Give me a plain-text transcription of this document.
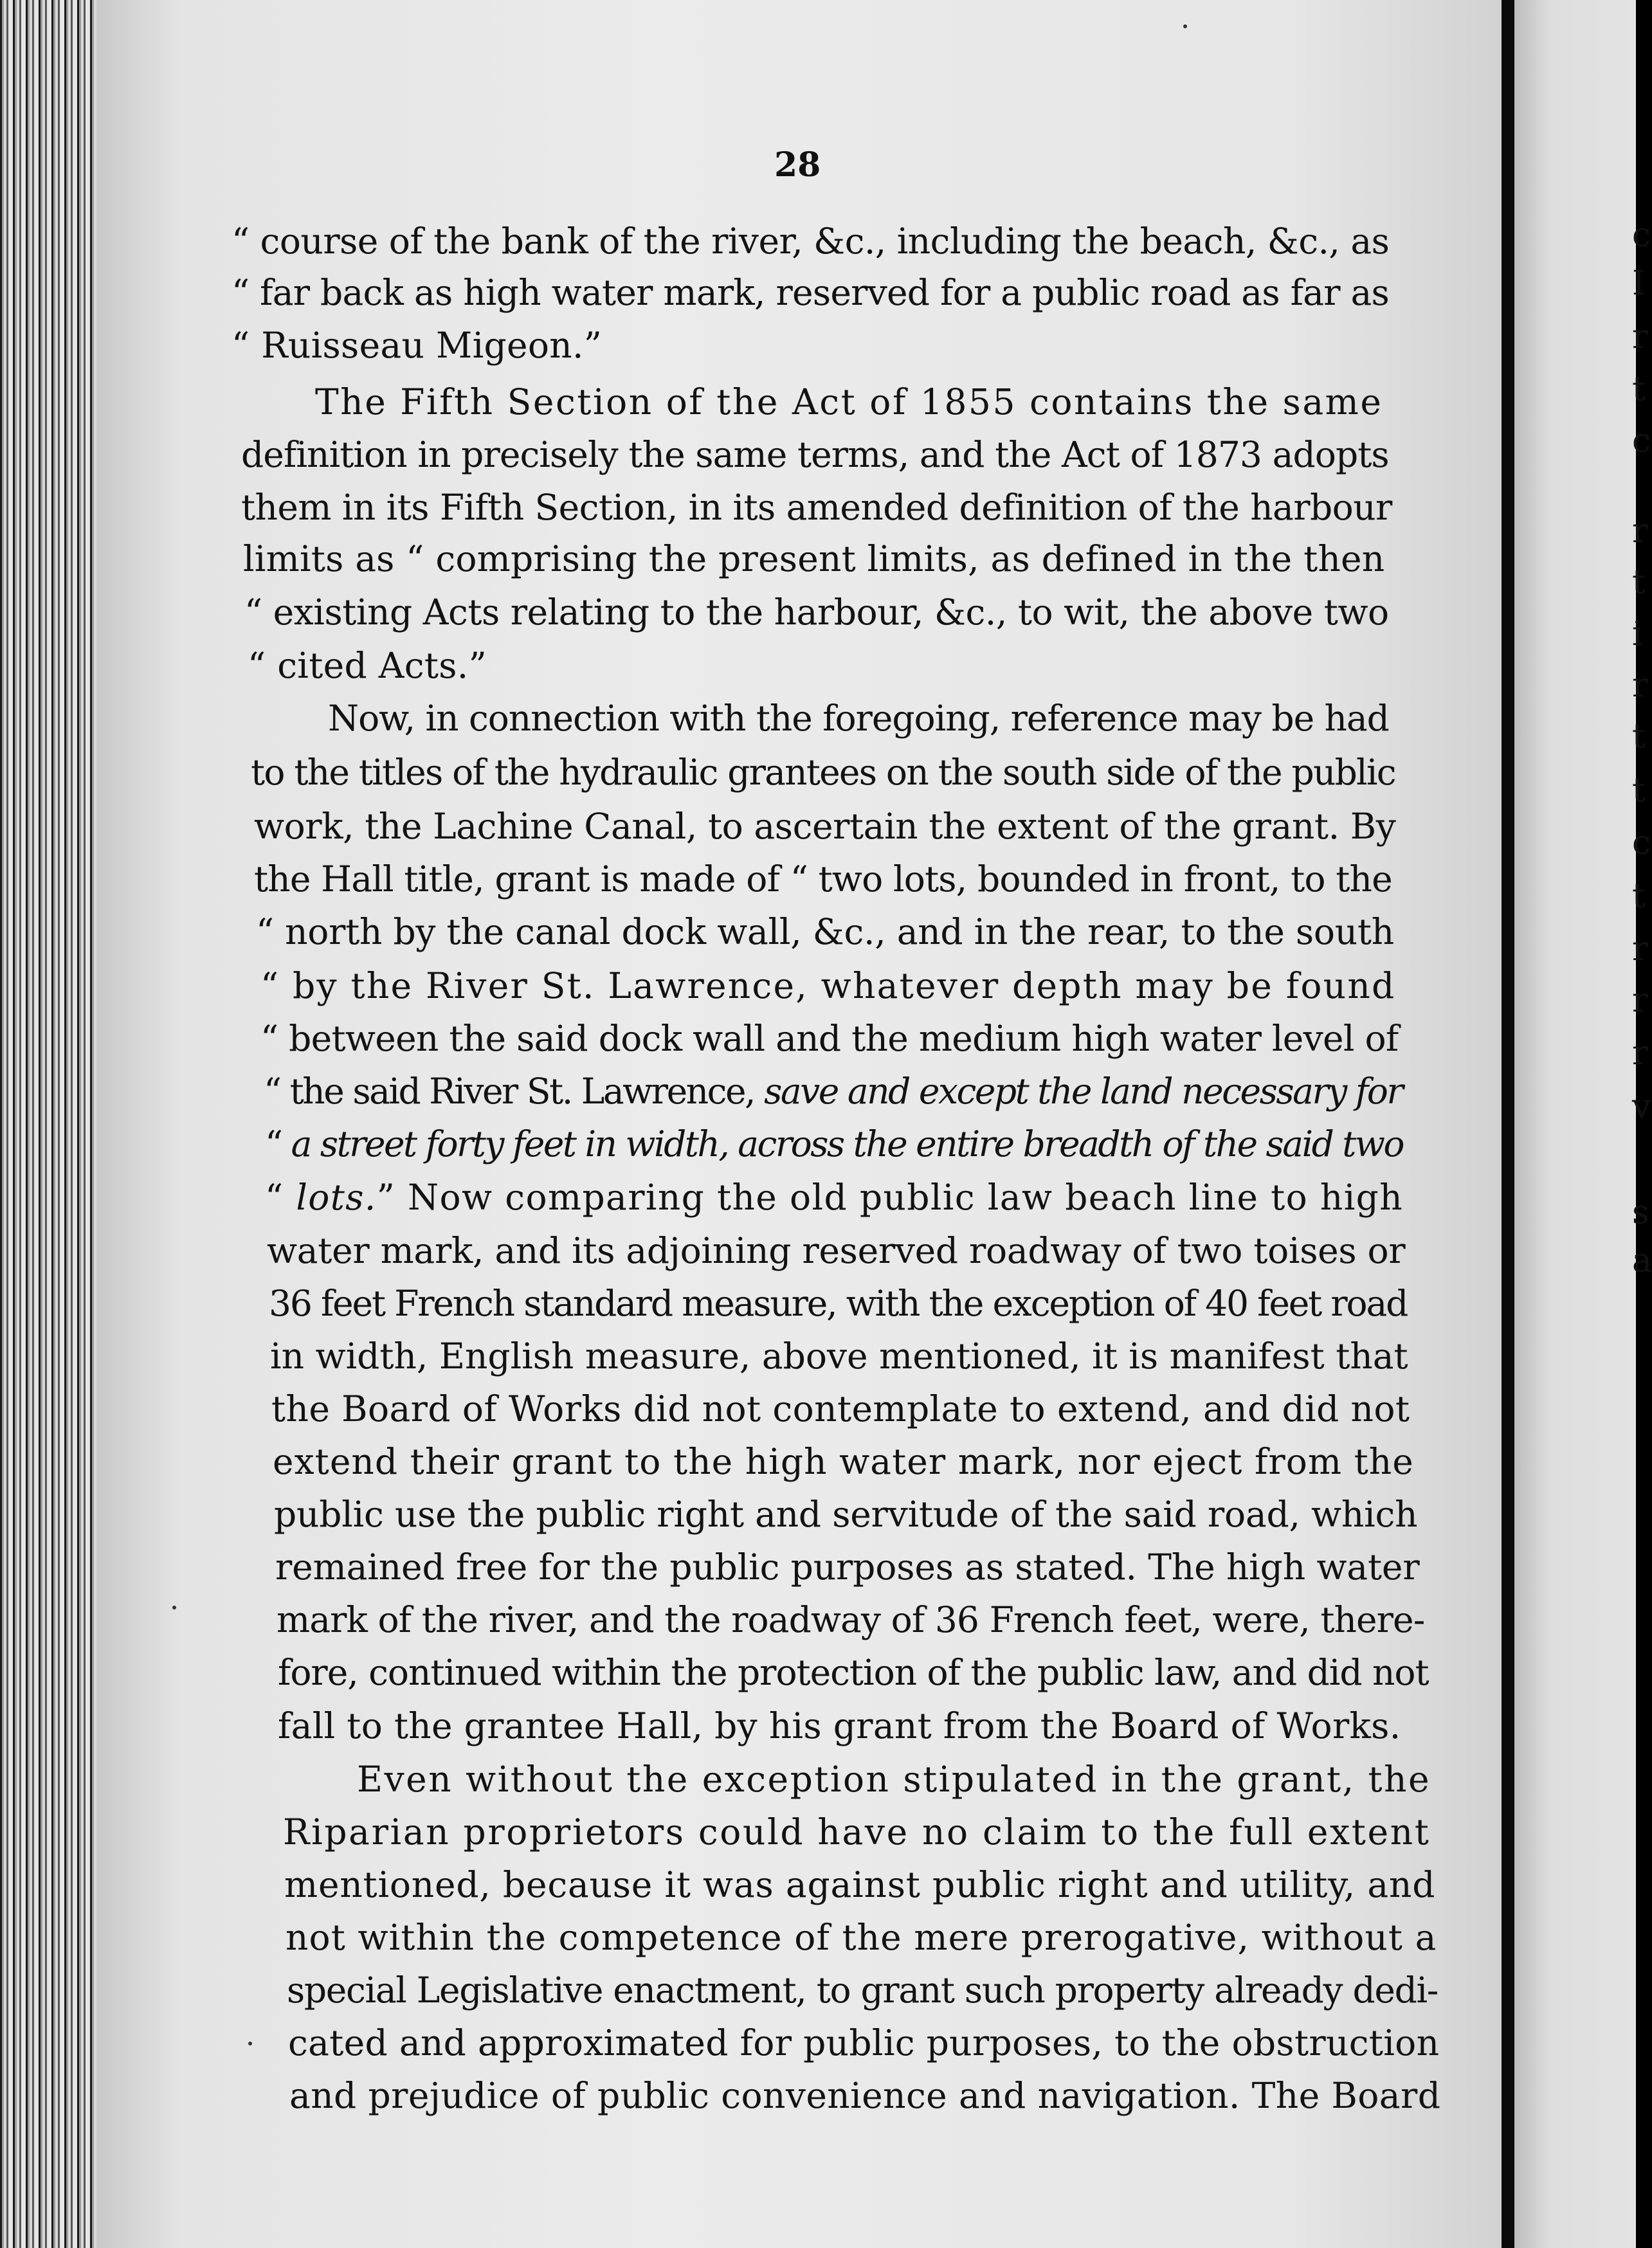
28
“ course of the bank of the river, &c., including the beach, &c., as
“ far back as high water mark, reserved for a public road as far as
“ Ruisseau Migeon.”
The Fifth Section of the Act of 1855 contains the same
definition in precisely the same terms, and the Act of 1873 adopts
them in its Fifth Section, in its amended definition of the harbour
limits as “ comprising the present limits, as defined in the then
“ existing Acts relating to the harbour, &c., to wit, the above two
“ cited Acts.”
Now, in connection with the foregoing, reference may be had
to the titles of the hydraulic grantees on the south side of the public
work, the Lachine Canal, to ascertain the extent of the grant. By
the Hall title, grant is made of “ two lots, bounded in front, to the
“ north by the canal dock wall, &c., and in the rear, to the south
“ by the River St. Lawrence, whatever depth may be found
“ between the said dock wall and the medium high water level of
“ the said River St. Lawrence, save and except the land necessary for
“ a street forty feet in width, across the entire breadth of the said two
“ lots.” Now comparing the old public law beach line to high
water mark, and its adjoining reserved roadway of two toises or
36 feet French standard measure, with the exception of 40 feet road
in width, English measure, above mentioned, it is manifest that
the Board of Works did not contemplate to extend, and did not
extend their grant to the high water mark, nor eject from the
public use the public right and servitude of the said road, which
remained free for the public purposes as stated. The high water
mark of the river, and the roadway of 36 French feet, were, there-
fore, continued within the protection of the public law, and did not
fall to the grantee Hall, by his grant from the Board of Works.
Even without the exception stipulated in the grant, the
Riparian proprietors could have no claim to the full extent
mentioned, because it was against public right and utility, and
not within the competence of the mere prerogative, without a
special Legislative enactment, to grant such property already dedi-
cated and approximated for public purposes, to the obstruction
and prejudice of public convenience and navigation. The Board
c
I
r
t
c
r
t
i
r
t
t
c
t
r
r
r
v
s
a
